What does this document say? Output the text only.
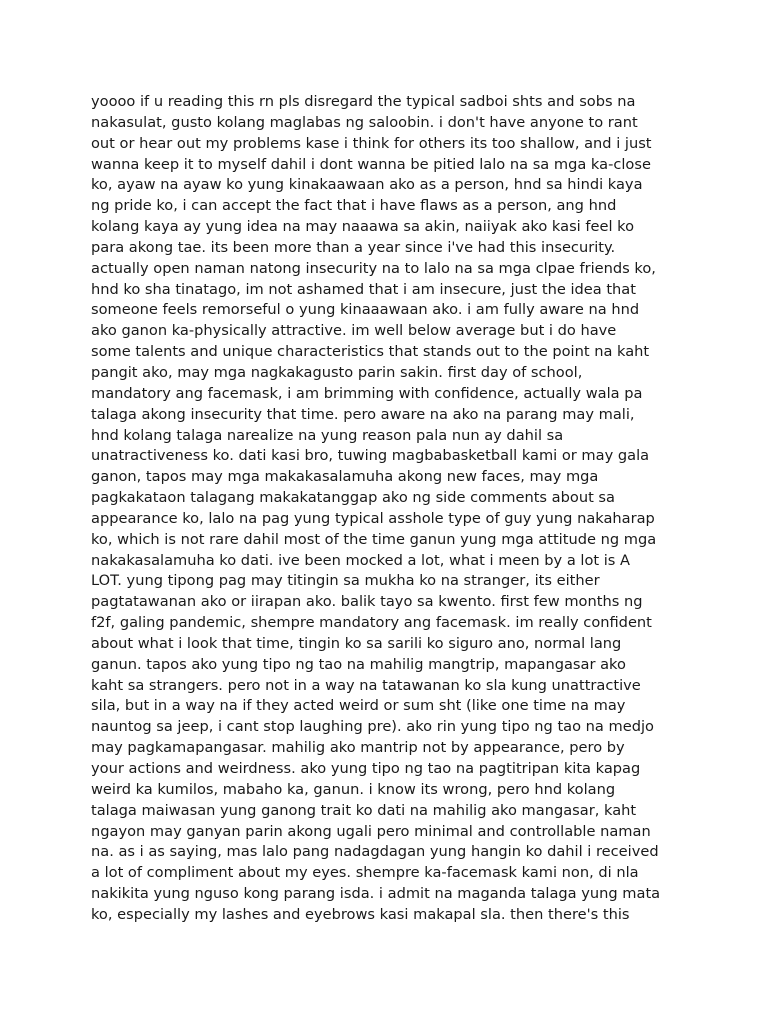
yoooo if u reading this rn pls disregard the typical sadboi shts and sobs na
nakasulat, gusto kolang maglabas ng saloobin. i don't have anyone to rant
out or hear out my problems kase i think for others its too shallow, and i just
wanna keep it to myself dahil i dont wanna be pitied lalo na sa mga ka-close
ko, ayaw na ayaw ko yung kinakaawaan ako as a person, hnd sa hindi kaya
ng pride ko, i can accept the fact that i have flaws as a person, ang hnd
kolang kaya ay yung idea na may naaawa sa akin, naiiyak ako kasi feel ko
para akong tae. its been more than a year since i've had this insecurity.
actually open naman natong insecurity na to lalo na sa mga clpae friends ko,
hnd ko sha tinatago, im not ashamed that i am insecure, just the idea that
someone feels remorseful o yung kinaaawaan ako. i am fully aware na hnd
ako ganon ka-physically attractive. im well below average but i do have
some talents and unique characteristics that stands out to the point na kaht
pangit ako, may mga nagkakagusto parin sakin. first day of school,
mandatory ang facemask, i am brimming with confidence, actually wala pa
talaga akong insecurity that time. pero aware na ako na parang may mali,
hnd kolang talaga narealize na yung reason pala nun ay dahil sa
unatractiveness ko. dati kasi bro, tuwing magbabasketball kami or may gala
ganon, tapos may mga makakasalamuha akong new faces, may mga
pagkakataon talagang makakatanggap ako ng side comments about sa
appearance ko, lalo na pag yung typical asshole type of guy yung nakaharap
ko, which is not rare dahil most of the time ganun yung mga attitude ng mga
nakakasalamuha ko dati. ive been mocked a lot, what i meen by a lot is A
LOT. yung tipong pag may titingin sa mukha ko na stranger, its either
pagtatawanan ako or iirapan ako. balik tayo sa kwento. first few months ng
f2f, galing pandemic, shempre mandatory ang facemask. im really confident
about what i look that time, tingin ko sa sarili ko siguro ano, normal lang
ganun. tapos ako yung tipo ng tao na mahilig mangtrip, mapangasar ako
kaht sa strangers. pero not in a way na tatawanan ko sla kung unattractive
sila, but in a way na if they acted weird or sum sht (like one time na may
nauntog sa jeep, i cant stop laughing pre). ako rin yung tipo ng tao na medjo
may pagkamapangasar. mahilig ako mantrip not by appearance, pero by
your actions and weirdness. ako yung tipo ng tao na pagtitripan kita kapag
weird ka kumilos, mabaho ka, ganun. i know its wrong, pero hnd kolang
talaga maiwasan yung ganong trait ko dati na mahilig ako mangasar, kaht
ngayon may ganyan parin akong ugali pero minimal and controllable naman
na. as i as saying, mas lalo pang nadagdagan yung hangin ko dahil i received
a lot of compliment about my eyes. shempre ka-facemask kami non, di nla
nakikita yung nguso kong parang isda. i admit na maganda talaga yung mata
ko, especially my lashes and eyebrows kasi makapal sla. then there's this
